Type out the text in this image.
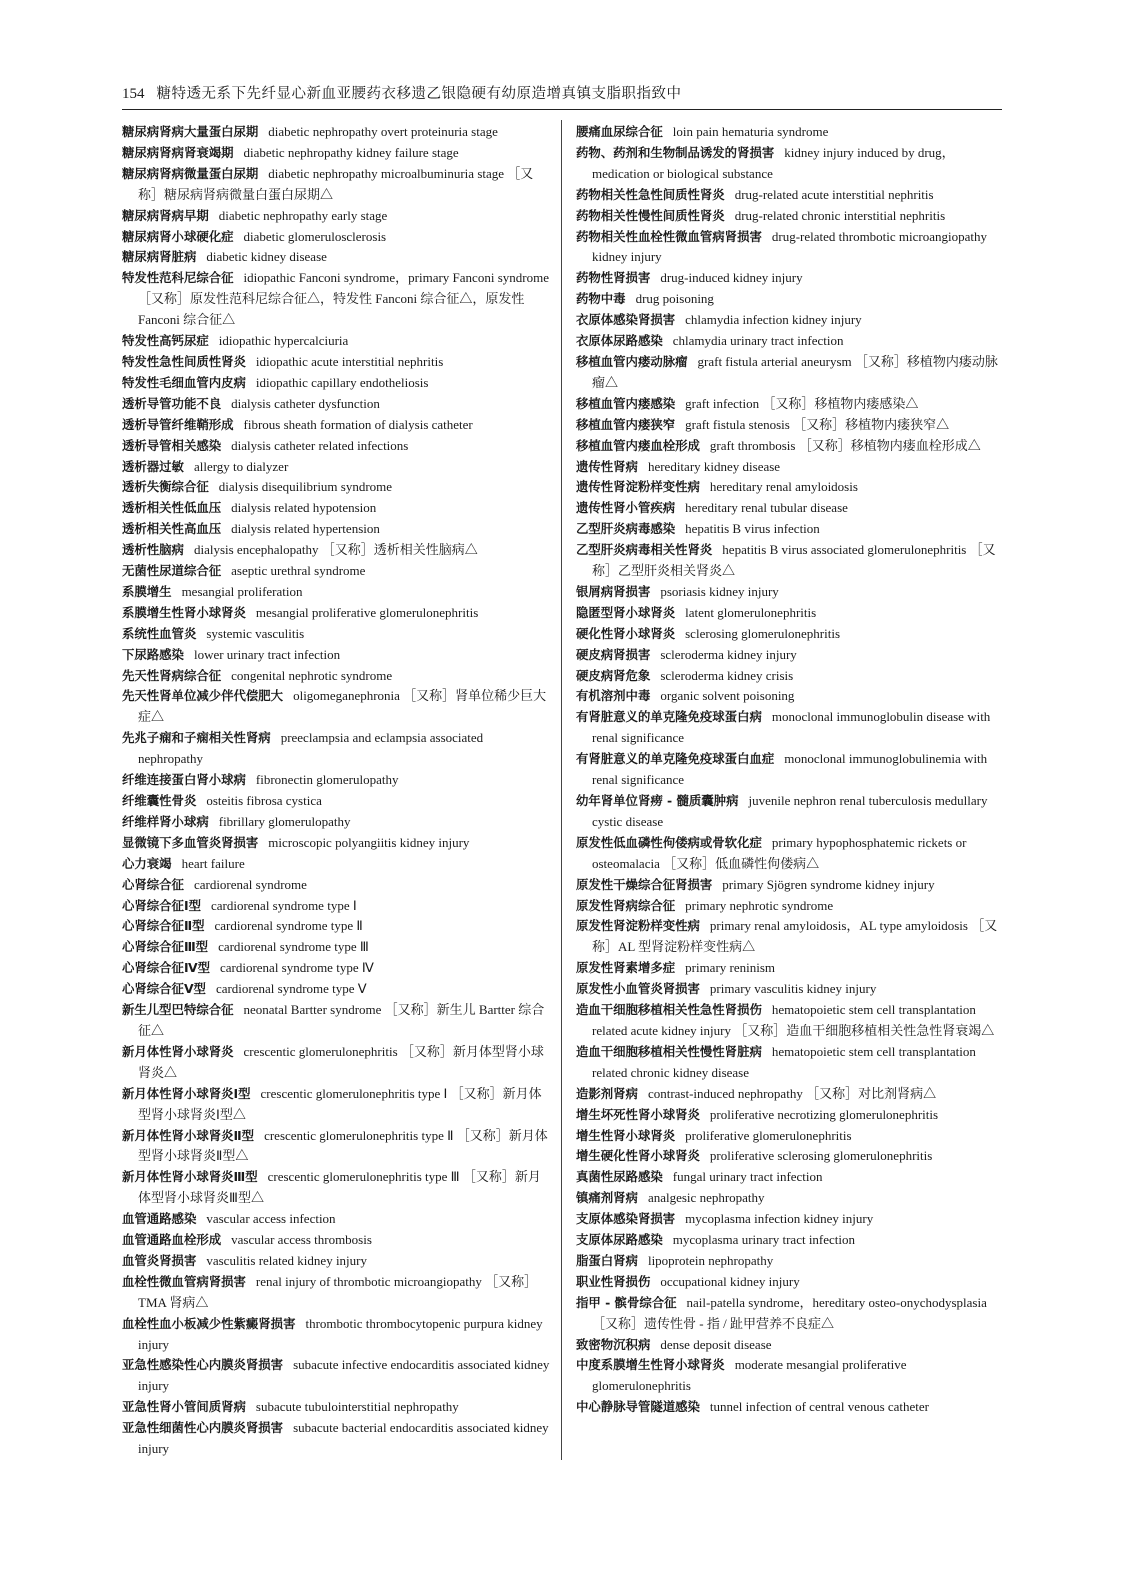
154 糖特透无系下先纤显心新血亚腰药衣移遗乙银隐硬有幼原造增真镇支脂职指致中
糖尿病肾病大量蛋白尿期 diabetic nephropathy overt proteinuria stage
糖尿病肾病肾衰竭期 diabetic nephropathy kidney failure stage
糖尿病肾病微量蛋白尿期 diabetic nephropathy microalbuminuria stage ［又称］糖尿病肾病微量白蛋白尿期△
糖尿病肾病早期 diabetic nephropathy early stage
糖尿病肾小球硬化症 diabetic glomerulosclerosis
糖尿病肾脏病 diabetic kidney disease
特发性范科尼综合征 idiopathic Fanconi syndrome，primary Fanconi syndrome ［又称］原发性范科尼综合征△，特发性 Fanconi 综合征△，原发性 Fanconi 综合征△
特发性高钙尿症 idiopathic hypercalciuria
特发性急性间质性肾炎 idiopathic acute interstitial nephritis
特发性毛细血管内皮病 idiopathic capillary endotheliosis
透析导管功能不良 dialysis catheter dysfunction
透析导管纤维鞘形成 fibrous sheath formation of dialysis catheter
透析导管相关感染 dialysis catheter related infections
透析器过敏 allergy to dialyzer
透析失衡综合征 dialysis disequilibrium syndrome
透析相关性低血压 dialysis related hypotension
透析相关性高血压 dialysis related hypertension
透析性脑病 dialysis encephalopathy ［又称］透析相关性脑病△
无菌性尿道综合征 aseptic urethral syndrome
系膜增生 mesangial proliferation
系膜增生性肾小球肾炎 mesangial proliferative glomerulonephritis
系统性血管炎 systemic vasculitis
下尿路感染 lower urinary tract infection
先天性肾病综合征 congenital nephrotic syndrome
先天性肾单位减少伴代偿肥大 oligomeganephronia ［又称］肾单位稀少巨大症△
先兆子痫和子痫相关性肾病 preeclampsia and eclampsia associated nephropathy
纤维连接蛋白肾小球病 fibronectin glomerulopathy
纤维囊性骨炎 osteitis fibrosa cystica
纤维样肾小球病 fibrillary glomerulopathy
显微镜下多血管炎肾损害 microscopic polyangiitis kidney injury
心力衰竭 heart failure
心肾综合征 cardiorenal syndrome
心肾综合征Ⅰ型 cardiorenal syndrome type Ⅰ
心肾综合征Ⅱ型 cardiorenal syndrome type Ⅱ
心肾综合征Ⅲ型 cardiorenal syndrome type Ⅲ
心肾综合征Ⅳ型 cardiorenal syndrome type Ⅳ
心肾综合征Ⅴ型 cardiorenal syndrome type Ⅴ
新生儿型巴特综合征 neonatal Bartter syndrome ［又称］新生儿 Bartter 综合征△
新月体性肾小球肾炎 crescentic glomerulonephritis ［又称］新月体型肾小球肾炎△
新月体性肾小球肾炎Ⅰ型 crescentic glomerulonephritis type Ⅰ ［又称］新月体型肾小球肾炎Ⅰ型△
新月体性肾小球肾炎Ⅱ型 crescentic glomerulonephritis type Ⅱ ［又称］新月体型肾小球肾炎Ⅱ型△
新月体性肾小球肾炎Ⅲ型 crescentic glomerulonephritis type Ⅲ ［又称］新月体型肾小球肾炎Ⅲ型△
血管通路感染 vascular access infection
血管通路血栓形成 vascular access thrombosis
血管炎肾损害 vasculitis related kidney injury
血栓性微血管病肾损害 renal injury of thrombotic microangiopathy ［又称］TMA 肾病△
血栓性血小板减少性紫癜肾损害 thrombotic thrombocytopenic purpura kidney injury
亚急性感染性心内膜炎肾损害 subacute infective endocarditis associated kidney injury
亚急性肾小管间质肾病 subacute tubulointerstitial nephropathy
亚急性细菌性心内膜炎肾损害 subacute bacterial endocarditis associated kidney injury
腰痛血尿综合征 loin pain hematuria syndrome
药物、药剂和生物制品诱发的肾损害 kidney injury induced by drug，medication or biological substance
药物相关性急性间质性肾炎 drug-related acute interstitial nephritis
药物相关性慢性间质性肾炎 drug-related chronic interstitial nephritis
药物相关性血栓性微血管病肾损害 drug-related thrombotic microangiopathy kidney injury
药物性肾损害 drug-induced kidney injury
药物中毒 drug poisoning
衣原体感染肾损害 chlamydia infection kidney injury
衣原体尿路感染 chlamydia urinary tract infection
移植血管内瘘动脉瘤 graft fistula arterial aneurysm ［又称］移植物内瘘动脉瘤△
移植血管内瘘感染 graft infection ［又称］移植物内瘘感染△
移植血管内瘘狭窄 graft fistula stenosis ［又称］移植物内瘘狭窄△
移植血管内瘘血栓形成 graft thrombosis ［又称］移植物内瘘血栓形成△
遗传性肾病 hereditary kidney disease
遗传性肾淀粉样变性病 hereditary renal amyloidosis
遗传性肾小管疾病 hereditary renal tubular disease
乙型肝炎病毒感染 hepatitis B virus infection
乙型肝炎病毒相关性肾炎 hepatitis B virus associated glomerulonephritis ［又称］乙型肝炎相关肾炎△
银屑病肾损害 psoriasis kidney injury
隐匿型肾小球肾炎 latent glomerulonephritis
硬化性肾小球肾炎 sclerosing glomerulonephritis
硬皮病肾损害 scleroderma kidney injury
硬皮病肾危象 scleroderma kidney crisis
有机溶剂中毒 organic solvent poisoning
有肾脏意义的单克隆免疫球蛋白病 monoclonal immunoglobulin disease with renal significance
有肾脏意义的单克隆免疫球蛋白血症 monoclonal immunoglobulinemia with renal significance
幼年肾单位肾痨 - 髓质囊肿病 juvenile nephron renal tuberculosis medullary cystic disease
原发性低血磷性佝偻病或骨软化症 primary hypophosphatemic rickets or osteomalacia ［又称］低血磷性佝偻病△
原发性干燥综合征肾损害 primary Sjögren syndrome kidney injury
原发性肾病综合征 primary nephrotic syndrome
原发性肾淀粉样变性病 primary renal amyloidosis，AL type amyloidosis ［又称］AL 型肾淀粉样变性病△
原发性肾素增多症 primary reninism
原发性小血管炎肾损害 primary vasculitis kidney injury
造血干细胞移植相关性急性肾损伤 hematopoietic stem cell transplantation related acute kidney injury ［又称］造血干细胞移植相关性急性肾衰竭△
造血干细胞移植相关性慢性肾脏病 hematopoietic stem cell transplantation related chronic kidney disease
造影剂肾病 contrast-induced nephropathy ［又称］对比剂肾病△
增生坏死性肾小球肾炎 proliferative necrotizing glomerulonephritis
增生性肾小球肾炎 proliferative glomerulonephritis
增生硬化性肾小球肾炎 proliferative sclerosing glomerulonephritis
真菌性尿路感染 fungal urinary tract infection
镇痛剂肾病 analgesic nephropathy
支原体感染肾损害 mycoplasma infection kidney injury
支原体尿路感染 mycoplasma urinary tract infection
脂蛋白肾病 lipoprotein nephropathy
职业性肾损伤 occupational kidney injury
指甲 - 髌骨综合征 nail-patella syndrome，hereditary osteo-onychodysplasia ［又称］遗传性骨 - 指 / 趾甲营养不良症△
致密物沉积病 dense deposit disease
中度系膜增生性肾小球肾炎 moderate mesangial proliferative glomerulonephritis
中心静脉导管隧道感染 tunnel infection of central venous catheter
